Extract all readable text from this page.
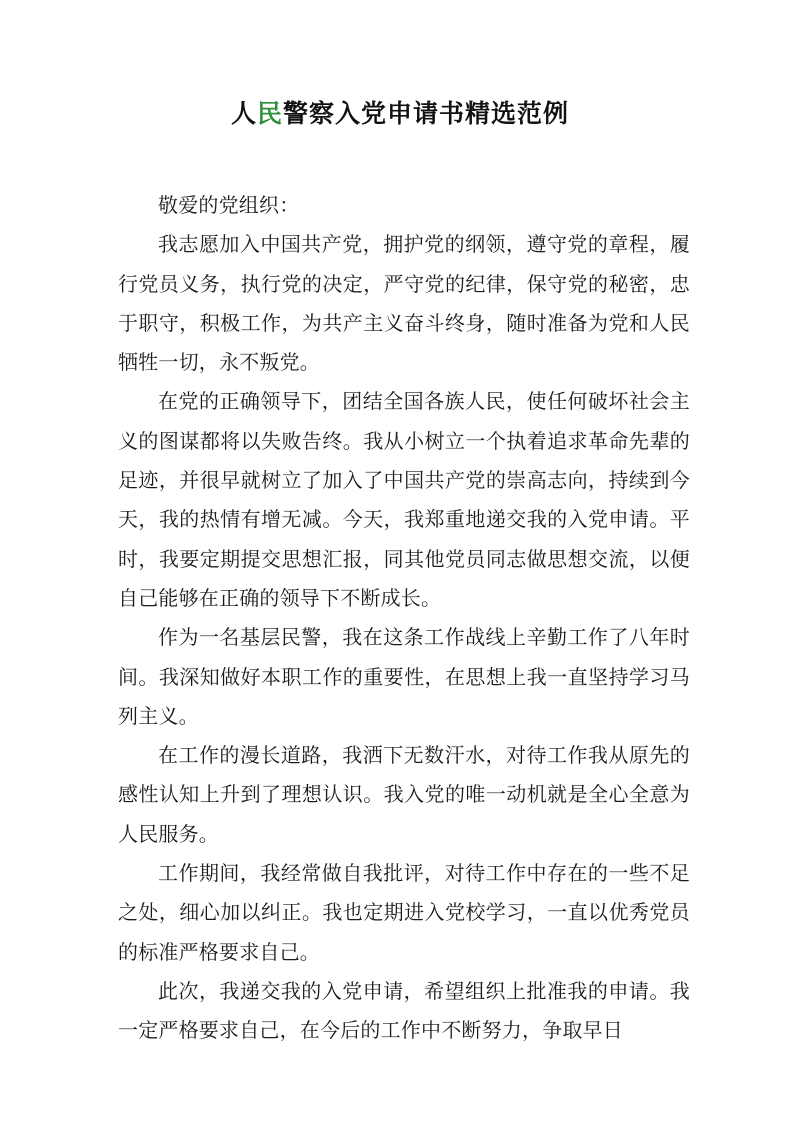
人民警察入党申请书精选范例

敬爱的党组织：

我志愿加入中国共产党，拥护党的纲领，遵守党的章程，履行党员义务，执行党的决定，严守党的纪律，保守党的秘密，忠于职守，积极工作，为共产主义奋斗终身，随时准备为党和人民牺牲一切，永不叛党。

在党的正确领导下，团结全国各族人民，使任何破坏社会主义的图谋都将以失败告终。我从小树立一个执着追求革命先辈的足迹，并很早就树立了加入了中国共产党的崇高志向，持续到今天，我的热情有增无减。今天，我郑重地递交我的入党申请。平时，我要定期提交思想汇报，同其他党员同志做思想交流，以便自己能够在正确的领导下不断成长。

作为一名基层民警，我在这条工作战线上辛勤工作了八年时间。我深知做好本职工作的重要性，在思想上我一直坚持学习马列主义。

在工作的漫长道路，我洒下无数汗水，对待工作我从原先的感性认知上升到了理想认识。我入党的唯一动机就是全心全意为人民服务。

工作期间，我经常做自我批评，对待工作中存在的一些不足之处，细心加以纠正。我也定期进入党校学习，一直以优秀党员的标准严格要求自己。

此次，我递交我的入党申请，希望组织上批准我的申请。我一定严格要求自己，在今后的工作中不断努力，争取早日
